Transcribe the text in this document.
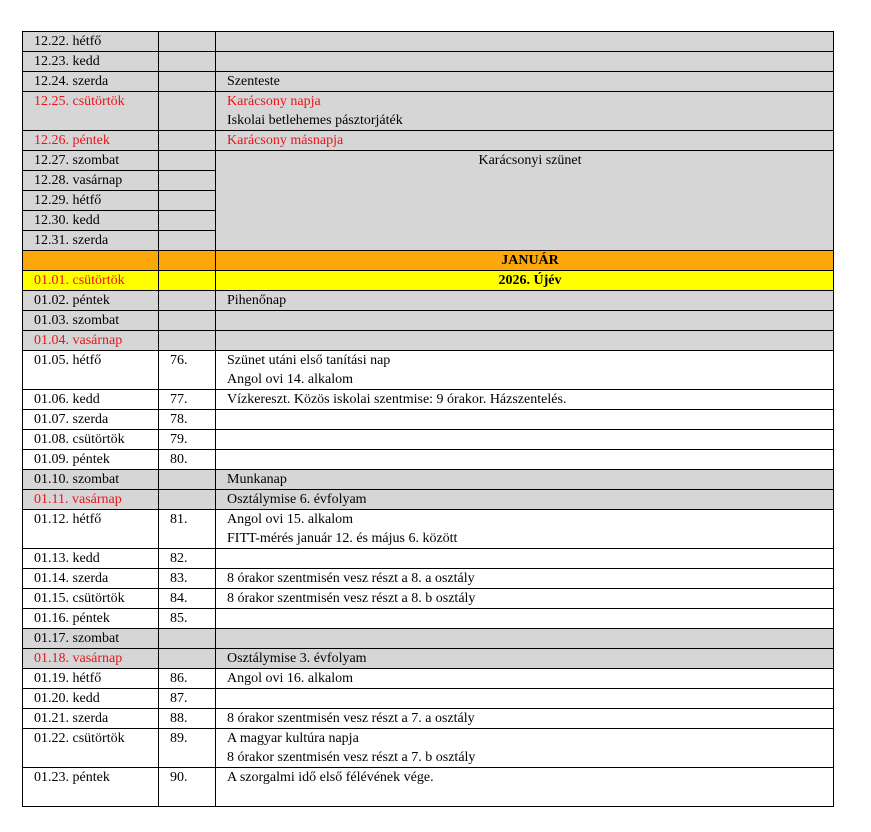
12.22. hétfő		
12.23. kedd		
12.24. szerda		Szenteste

12.25. csütörtök		Karácsony napja
Iskolai betlehemes pásztorjáték

12.26. péntek		Karácsony másnapja

12.27. szombat		Karácsonyi szünet

12.28. vasárnap		
12.29. hétfő		
12.30. kedd		
12.31. szerda		

		JANUÁR

01.01. csütörtök		2026. Újév

01.02. péntek		Pihenőnap

01.03. szombat		
01.04. vasárnap		
01.05. hétfő	76.	Szünet utáni első tanítási nap
Angol ovi 14. alkalom

01.06. kedd	77.	Vízkereszt. Közös iskolai szentmise: 9 órakor. Házszentelés.

01.07. szerda	78.	
01.08. csütörtök	79.	
01.09. péntek	80.	
01.10. szombat		Munkanap

01.11. vasárnap		Osztálymise 6. évfolyam

01.12. hétfő	81.	Angol ovi 15. alkalom
FITT-mérés január 12. és május 6. között

01.13. kedd	82.	
01.14. szerda	83.	8 órakor szentmisén vesz részt a 8. a osztály

01.15. csütörtök	84.	8 órakor szentmisén vesz részt a 8. b osztály

01.16. péntek	85.	
01.17. szombat		
01.18. vasárnap		Osztálymise 3. évfolyam

01.19. hétfő	86.	Angol ovi 16. alkalom

01.20. kedd	87.	
01.21. szerda	88.	8 órakor szentmisén vesz részt a 7. a osztály

01.22. csütörtök	89.	A magyar kultúra napja
8 órakor szentmisén vesz részt a 7. b osztály

01.23. péntek	90.	A szorgalmi idő első félévének vége.
